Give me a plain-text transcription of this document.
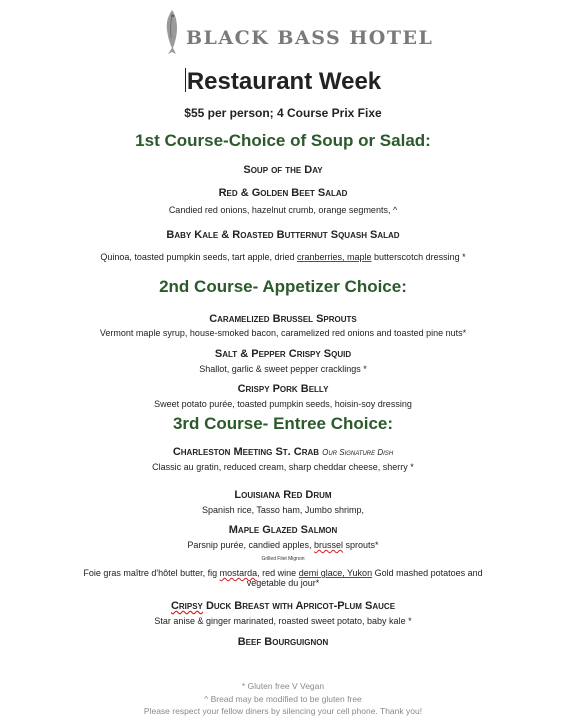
BLACK BASS HOTEL
Restaurant Week
$55 per person; 4 Course Prix Fixe
1st Course-Choice of Soup or Salad:
Soup of the Day
Red & Golden Beet Salad
Candied red onions, hazelnut crumb, orange segments, ^
Baby Kale & Roasted Butternut Squash Salad
Quinoa, toasted pumpkin seeds, tart apple, dried cranberries, maple butterscotch dressing *
2nd Course- Appetizer Choice:
Caramelized Brussel Sprouts
Vermont maple syrup, house-smoked bacon, caramelized red onions and toasted pine nuts*
Salt & Pepper Crispy Squid
Shallot, garlic & sweet pepper cracklings *
Crispy Pork Belly
Sweet potato purée, toasted pumpkin seeds, hoisin-soy dressing
3rd Course- Entree Choice:
Charleston Meeting St. Crab Our Signature Dish
Classic au gratin, reduced cream, sharp cheddar cheese, sherry *
Louisiana Red Drum
Spanish rice, Tasso ham, Jumbo shrimp,
Maple Glazed Salmon
Parsnip purée, candied apples, brussel sprouts*
Grilled Filet Mignon
Foie gras maître d'hôtel butter, fig mostarda, red wine demi glace, Yukon Gold mashed potatoes and
vegetable du jour*
Cripsy Duck Breast with Apricot-Plum Sauce
Star anise & ginger marinated, roasted sweet potato, baby kale *
Beef Bourguignon
* Gluten free V Vegan
^ Bread may be modified to be gluten free
Please respect your fellow diners by silencing your cell phone. Thank you!
